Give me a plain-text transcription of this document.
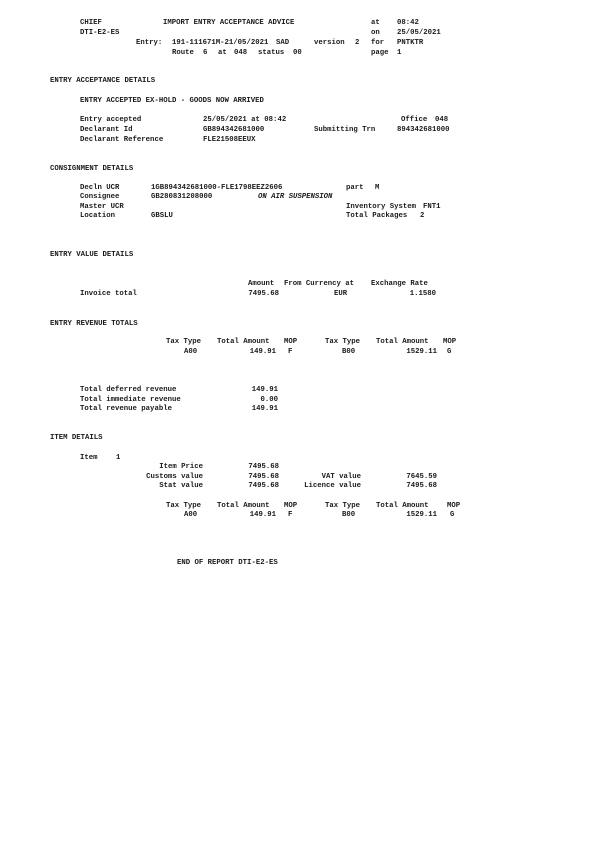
CHIEF	IMPORT ENTRY ACCEPTANCE ADVICE	at 08:42
DTI-E2-ES	on 25/05/2021
Entry: 191-111671M-21/05/2021 SAD	version 2 for PNTKTR
Route 6 at 048 status 00	page 1
ENTRY ACCEPTANCE DETAILS
ENTRY ACCEPTED EX-HOLD - GOODS NOW ARRIVED
Entry accepted	25/05/2021 at 08:42	Office 048
Declarant Id	GB894342681000	Submitting Trn	894342681000
Declarant Reference	FLE21508EEUX
CONSIGNMENT DETAILS
Decln UCR	1GB894342681000-FLE1798EEZ2606	part M
Consignee	GB280831208000	ON AIR SUSPENSION
Master UCR	Inventory System FNT1
Location	GBSLU	Total Packages 2
ENTRY VALUE DETAILS
Amount From Currency at Exchange Rate
Invoice total	7495.68	EUR	1.1580
ENTRY REVENUE TOTALS
Tax Type Total Amount MOP	Tax Type Total Amount MOP
A00	149.91 F	B00	1529.11 G
Total deferred revenue	149.91
Total immediate revenue	0.00
Total revenue payable	149.91
ITEM DETAILS
Item	1
Item Price	7495.68
Customs value	7495.68	VAT value	7645.59
Stat value	7495.68	Licence value	7495.68
Tax Type Total Amount MOP	Tax Type Total Amount	MOP
A00	149.91 F	B00	1529.11 G
END OF REPORT DTI-E2-ES
